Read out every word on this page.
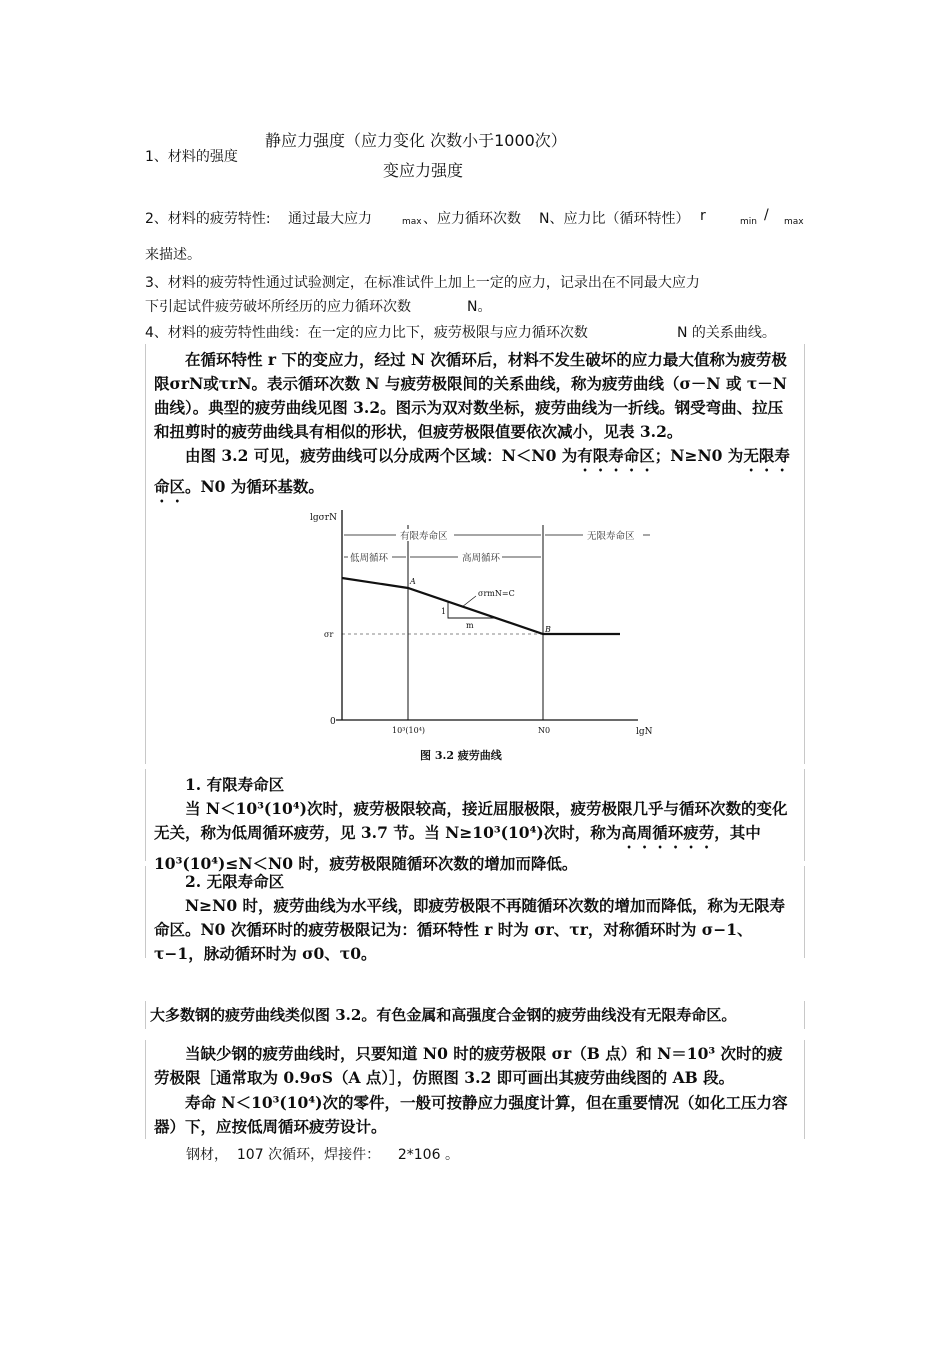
1、材料的强度
静应力强度（应力变化 次数小于1000次）
变应力强度
2、材料的疲劳特性: 通过最大应力	max 、应力循环次数 N、应力比（循环特性） r	min / max
来描述。
3、材料的疲劳特性通过试验测定，在标准试件上加上一定的应力，记录出在不同最大应力
下引起试件疲劳破坏所经历的应力循环次数	N。
4、材料的疲劳特性曲线：在一定的应力比下，疲劳极限与应力循环次数	N 的关系曲线。

在循环特性 r 下的变应力，经过 N 次循环后，材料不发生破坏的应力最大值称为疲劳极限σrN或τrN。表示循环次数 N 与疲劳极限间的关系曲线，称为疲劳曲线（σ－N 或 τ－N 曲线）。典型的疲劳曲线见图 3.2。图示为双对数坐标，疲劳曲线为一折线。钢受弯曲、拉压和扭剪时的疲劳曲线具有相似的形状，但疲劳极限值要依次减小，见表 3.2。

由图 3.2 可见，疲劳曲线可以分成两个区域：N＜N0 为有限寿命区；N≥N0 为无限寿命区。N0 为循环基数。

有限寿命区	无限寿命区
低周循环	高周循环
lgσrN
lgN
0
σr
10³(10⁴)	N0
A
B
σrmN=C
1
m
图 3.2 疲劳曲线

1. 有限寿命区

当 N＜10³(10⁴)次时，疲劳极限较高，接近屈服极限，疲劳极限几乎与循环次数的变化无关，称为低周循环疲劳，见 3.7 节。当 N≥10³(10⁴)次时，称为高周循环疲劳，其中 10³(10⁴)≤N＜N0 时，疲劳极限随循环次数的增加而降低。

2. 无限寿命区

N≥N0 时，疲劳曲线为水平线，即疲劳极限不再随循环次数的增加而降低，称为无限寿命区。N0 次循环时的疲劳极限记为：循环特性 r 时为 σr、τr，对称循环时为 σ−1、τ−1，脉动循环时为 σ0、τ0。

大多数钢的疲劳曲线类似图 3.2。有色金属和高强度合金钢的疲劳曲线没有无限寿命区。

当缺少钢的疲劳曲线时，只要知道 N0 时的疲劳极限 σr（B 点）和 N＝10³ 次时的疲劳极限［通常取为 0.9σS（A 点）］，仿照图 3.2 即可画出其疲劳曲线图的 AB 段。

寿命 N＜10³(10⁴)次的零件，一般可按静应力强度计算，但在重要情况（如化工压力容器）下，应按低周循环疲劳设计。

钢材，  107 次循环，焊接件：    2*106 。
